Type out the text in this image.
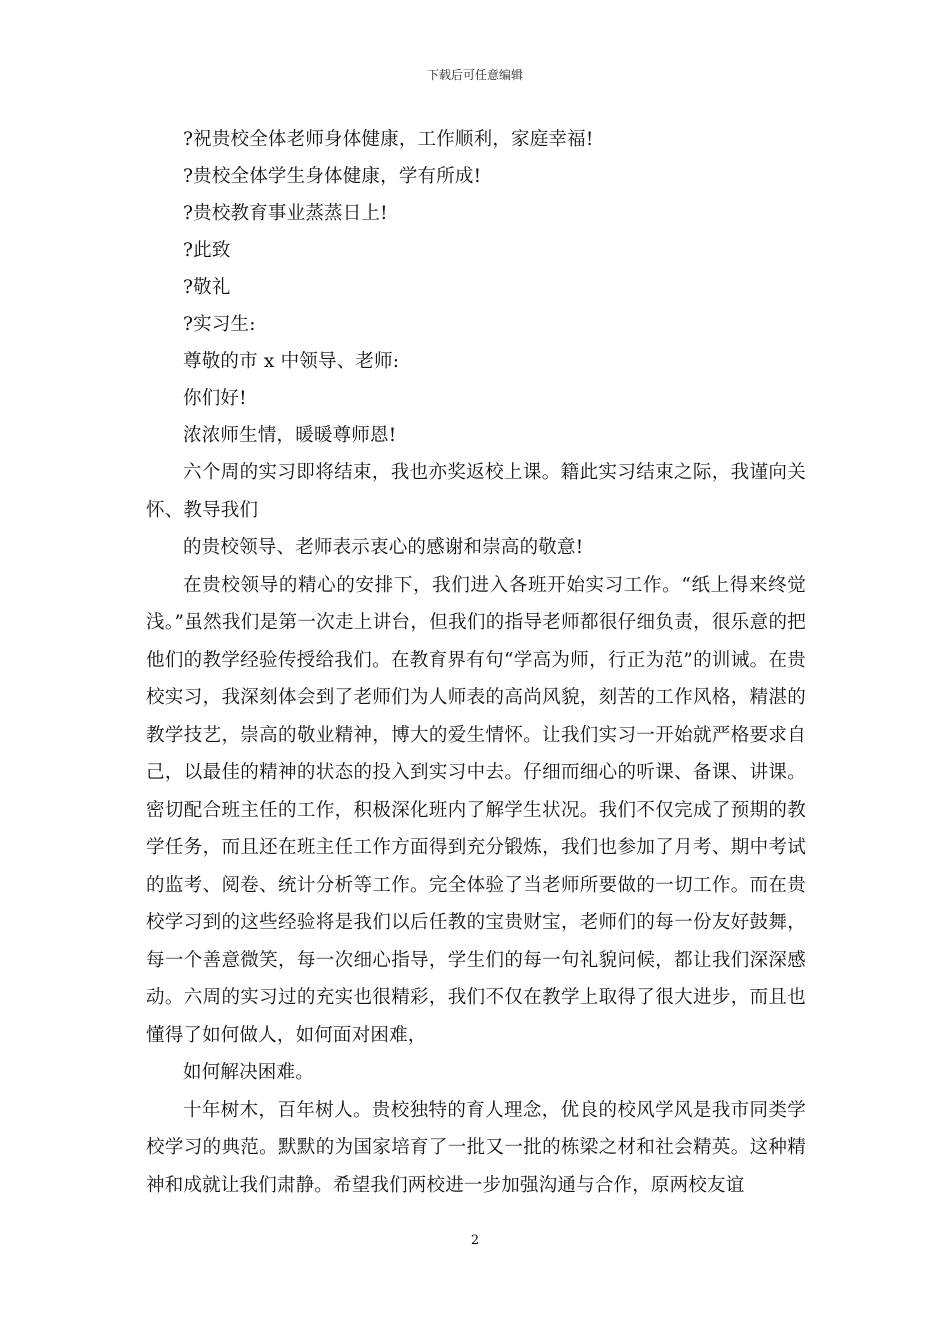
下载后可任意编辑
?祝贵校全体老师身体健康，工作顺利，家庭幸福!
?贵校全体学生身体健康，学有所成!
?贵校教育事业蒸蒸日上!
?此致
?敬礼
?实习生:
尊敬的市 x 中领导、老师:
你们好!
浓浓师生情，暖暖尊师恩!

六个周的实习即将结束，我也亦奖返校上课。籍此实习结束之际，我谨向关怀、教导我们

的贵校领导、老师表示衷心的感谢和崇高的敬意!

在贵校领导的精心的安排下，我们进入各班开始实习工作。“纸上得来终觉浅。”虽然我们是第一次走上讲台，但我们的指导老师都很仔细负责，很乐意的把他们的教学经验传授给我们。在教育界有句“学高为师，行正为范”的训诫。在贵校实习，我深刻体会到了老师们为人师表的高尚风貌，刻苦的工作风格，精湛的教学技艺，崇高的敬业精神，博大的爱生情怀。让我们实习一开始就严格要求自己，以最佳的精神的状态的投入到实习中去。仔细而细心的听课、备课、讲课。密切配合班主任的工作，积极深化班内了解学生状况。我们不仅完成了预期的教学任务，而且还在班主任工作方面得到充分锻炼，我们也参加了月考、期中考试的监考、阅卷、统计分析等工作。完全体验了当老师所要做的一切工作。而在贵校学习到的这些经验将是我们以后任教的宝贵财宝，老师们的每一份友好鼓舞，每一个善意微笑，每一次细心指导，学生们的每一句礼貌问候，都让我们深深感动。六周的实习过的充实也很精彩，我们不仅在教学上取得了很大进步，而且也懂得了如何做人，如何面对困难，

如何解决困难。

十年树木，百年树人。贵校独特的育人理念，优良的校风学风是我市同类学校学习的典范。默默的为国家培育了一批又一批的栋梁之材和社会精英。这种精神和成就让我们肃静。希望我们两校进一步加强沟通与合作，原两校友谊

2
